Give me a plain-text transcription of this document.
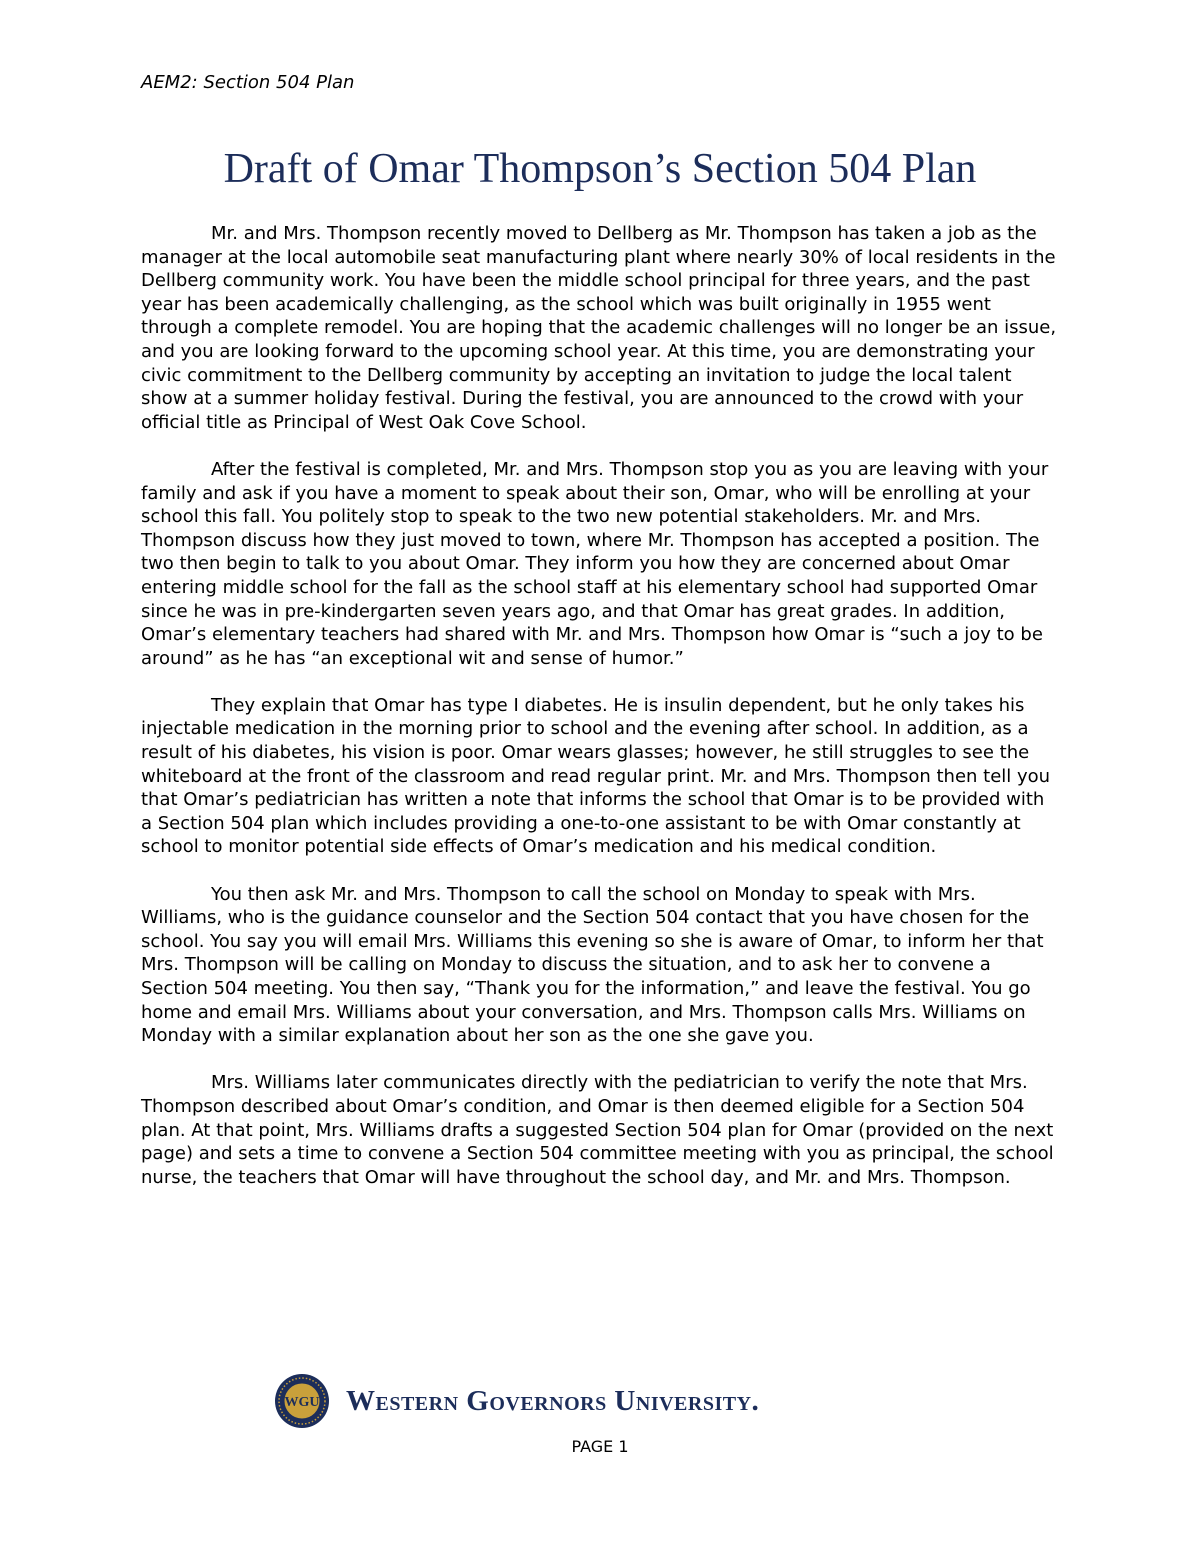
AEM2: Section 504 Plan
Draft of Omar Thompson’s Section 504 Plan

Mr. and Mrs. Thompson recently moved to Dellberg as Mr. Thompson has taken a job as the manager at the local automobile seat manufacturing plant where nearly 30% of local residents in the Dellberg community work. You have been the middle school principal for three years, and the past year has been academically challenging, as the school which was built originally in 1955 went through a complete remodel. You are hoping that the academic challenges will no longer be an issue, and you are looking forward to the upcoming school year. At this time, you are demonstrating your civic commitment to the Dellberg community by accepting an invitation to judge the local talent show at a summer holiday festival. During the festival, you are announced to the crowd with your official title as Principal of West Oak Cove School.

After the festival is completed, Mr. and Mrs. Thompson stop you as you are leaving with your family and ask if you have a moment to speak about their son, Omar, who will be enrolling at your school this fall. You politely stop to speak to the two new potential stakeholders. Mr. and Mrs. Thompson discuss how they just moved to town, where Mr. Thompson has accepted a position. The two then begin to talk to you about Omar. They inform you how they are concerned about Omar entering middle school for the fall as the school staff at his elementary school had supported Omar since he was in pre-kindergarten seven years ago, and that Omar has great grades. In addition, Omar’s elementary teachers had shared with Mr. and Mrs. Thompson how Omar is “such a joy to be around” as he has “an exceptional wit and sense of humor.”

They explain that Omar has type I diabetes. He is insulin dependent, but he only takes his injectable medication in the morning prior to school and the evening after school. In addition, as a result of his diabetes, his vision is poor. Omar wears glasses; however, he still struggles to see the whiteboard at the front of the classroom and read regular print. Mr. and Mrs. Thompson then tell you that Omar’s pediatrician has written a note that informs the school that Omar is to be provided with a Section 504 plan which includes providing a one-to-one assistant to be with Omar constantly at school to monitor potential side effects of Omar’s medication and his medical condition.

You then ask Mr. and Mrs. Thompson to call the school on Monday to speak with Mrs. Williams, who is the guidance counselor and the Section 504 contact that you have chosen for the school. You say you will email Mrs. Williams this evening so she is aware of Omar, to inform her that Mrs. Thompson will be calling on Monday to discuss the situation, and to ask her to convene a Section 504 meeting. You then say, “Thank you for the information,” and leave the festival. You go home and email Mrs. Williams about your conversation, and Mrs. Thompson calls Mrs. Williams on Monday with a similar explanation about her son as the one she gave you.

Mrs. Williams later communicates directly with the pediatrician to verify the note that Mrs. Thompson described about Omar’s condition, and Omar is then deemed eligible for a Section 504 plan. At that point, Mrs. Williams drafts a suggested Section 504 plan for Omar (provided on the next page) and sets a time to convene a Section 504 committee meeting with you as principal, the school nurse, the teachers that Omar will have throughout the school day, and Mr. and Mrs. Thompson.

WGU Western Governors University.
PAGE 1
